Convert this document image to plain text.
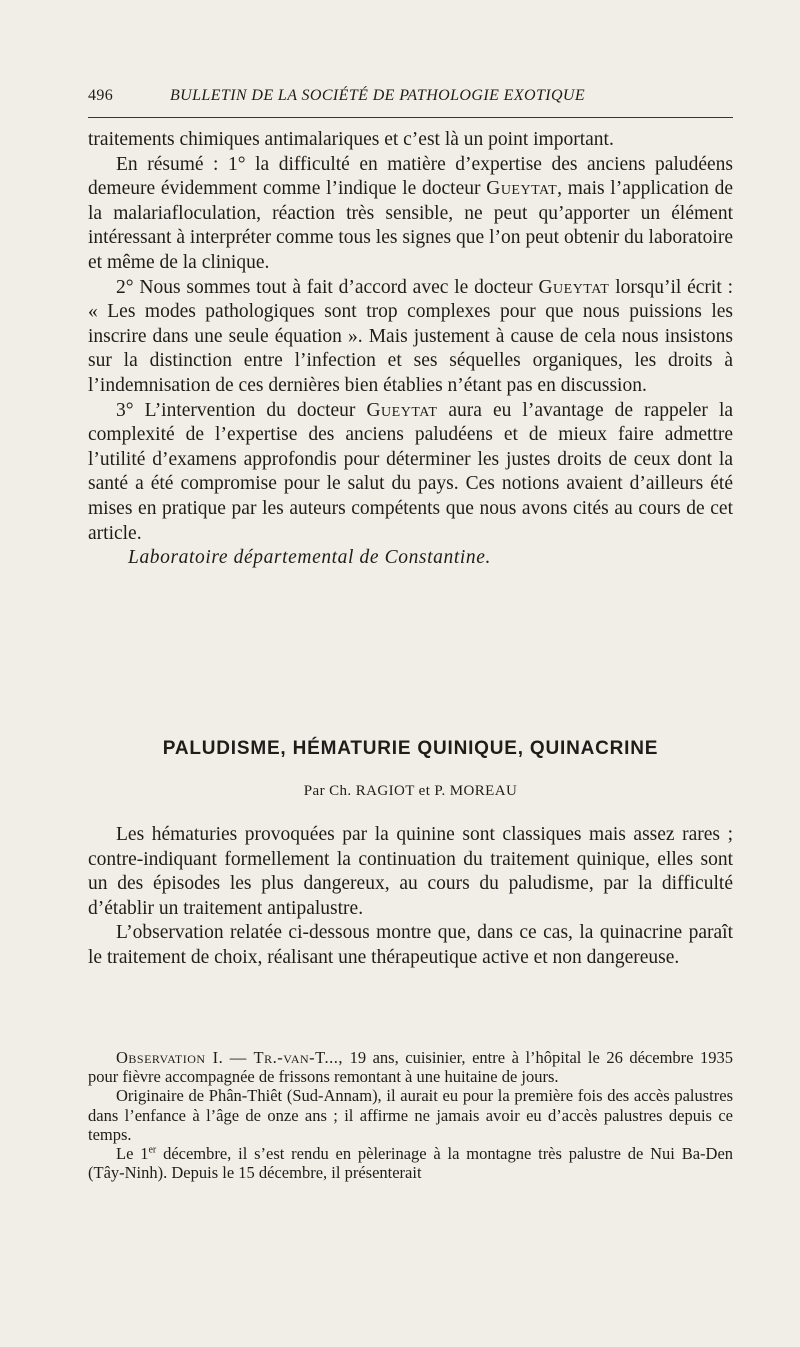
496	BULLETIN DE LA SOCIÉTÉ DE PATHOLOGIE EXOTIQUE

traitements chimiques antimalariques et c’est là un point important.

En résumé : 1° la difficulté en matière d’expertise des anciens paludéens demeure évidemment comme l’indique le docteur Gueytat, mais l’application de la malariafloculation, réaction très sensible, ne peut qu’apporter un élément intéressant à interpréter comme tous les signes que l’on peut obtenir du laboratoire et même de la clinique.

2° Nous sommes tout à fait d’accord avec le docteur Gueytat lorsqu’il écrit : « Les modes pathologiques sont trop complexes pour que nous puissions les inscrire dans une seule équation ». Mais justement à cause de cela nous insistons sur la distinction entre l’infection et ses séquelles organiques, les droits à l’indemnisation de ces dernières bien établies n’étant pas en discussion.

3° L’intervention du docteur Gueytat aura eu l’avantage de rappeler la complexité de l’expertise des anciens paludéens et de mieux faire admettre l’utilité d’examens approfondis pour déterminer les justes droits de ceux dont la santé a été compromise pour le salut du pays. Ces notions avaient d’ailleurs été mises en pratique par les auteurs compétents que nous avons cités au cours de cet article.

Laboratoire départemental de Constantine.

PALUDISME, HÉMATURIE QUINIQUE, QUINACRINE
Par Ch. RAGIOT et P. MOREAU

Les hématuries provoquées par la quinine sont classiques mais assez rares ; contre-indiquant formellement la continuation du traitement quinique, elles sont un des épisodes les plus dangereux, au cours du paludisme, par la difficulté d’établir un traitement antipalustre.

L’observation relatée ci-dessous montre que, dans ce cas, la quinacrine paraît le traitement de choix, réalisant une thérapeutique active et non dangereuse.

Observation I. — Tr.-van-T..., 19 ans, cuisinier, entre à l’hôpital le 26 décembre 1935 pour fièvre accompagnée de frissons remontant à une huitaine de jours.

Originaire de Phân-Thiêt (Sud-Annam), il aurait eu pour la première fois des accès palustres dans l’enfance à l’âge de onze ans ; il affirme ne jamais avoir eu d’accès palustres depuis ce temps.

Le 1er décembre, il s’est rendu en pèlerinage à la montagne très palustre de Nui Ba-Den (Tây-Ninh). Depuis le 15 décembre, il présenterait
